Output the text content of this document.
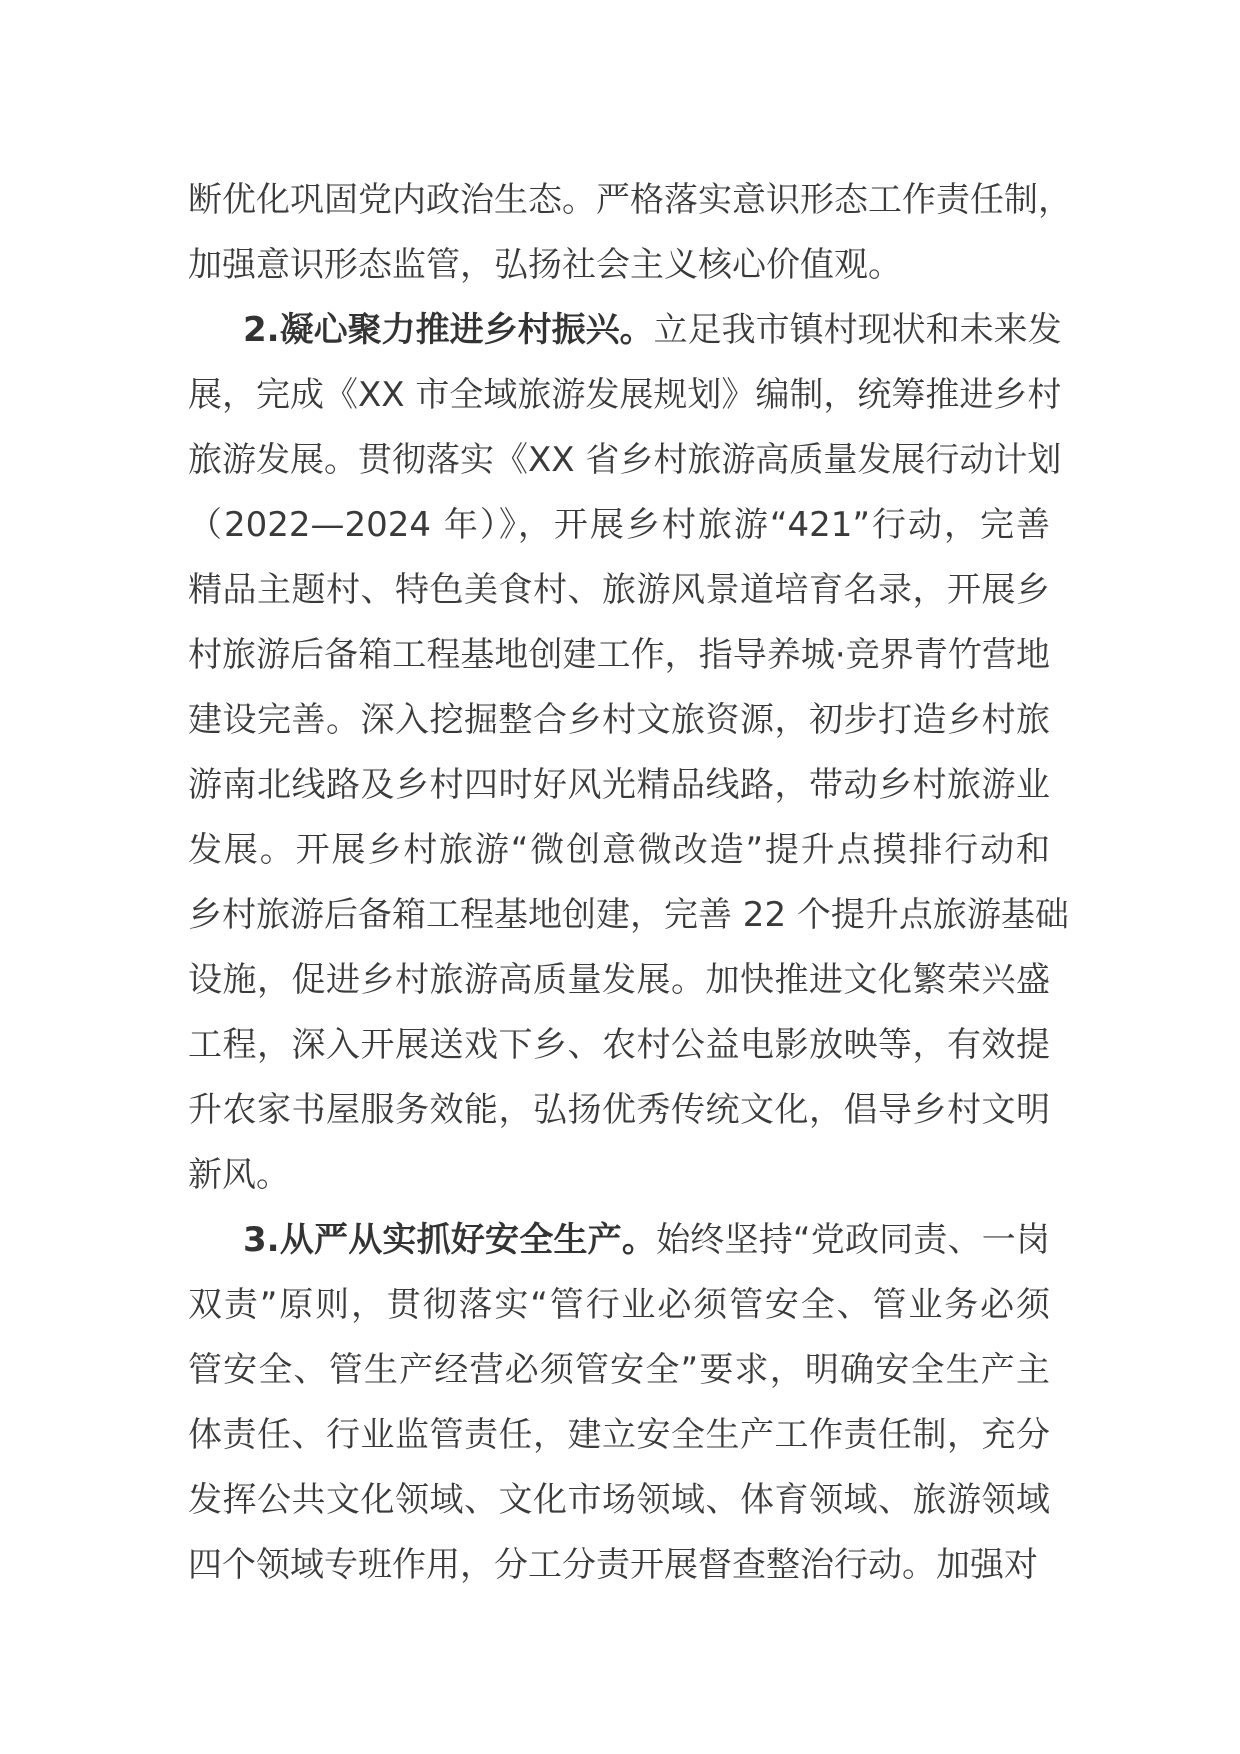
断优化巩固党内政治生态。严格落实意识形态工作责任制，
加强意识形态监管，弘扬社会主义核心价值观。
2.凝心聚力推进乡村振兴。立足我市镇村现状和未来发
展，完成《XX 市全域旅游发展规划》编制，统筹推进乡村
旅游发展。贯彻落实《XX 省乡村旅游高质量发展行动计划
（2022—2024 年）》，开展乡村旅游“421”行动，完善
精品主题村、特色美食村、旅游风景道培育名录，开展乡
村旅游后备箱工程基地创建工作，指导养城·竞界青竹营地
建设完善。深入挖掘整合乡村文旅资源，初步打造乡村旅
游南北线路及乡村四时好风光精品线路，带动乡村旅游业
发展。开展乡村旅游“微创意微改造”提升点摸排行动和
乡村旅游后备箱工程基地创建，完善 22 个提升点旅游基础
设施，促进乡村旅游高质量发展。加快推进文化繁荣兴盛
工程，深入开展送戏下乡、农村公益电影放映等，有效提
升农家书屋服务效能，弘扬优秀传统文化，倡导乡村文明
新风。
3.从严从实抓好安全生产。始终坚持“党政同责、一岗
双责”原则，贯彻落实“管行业必须管安全、管业务必须
管安全、管生产经营必须管安全”要求，明确安全生产主
体责任、行业监管责任，建立安全生产工作责任制，充分
发挥公共文化领域、文化市场领域、体育领域、旅游领域
四个领域专班作用，分工分责开展督查整治行动。加强对
